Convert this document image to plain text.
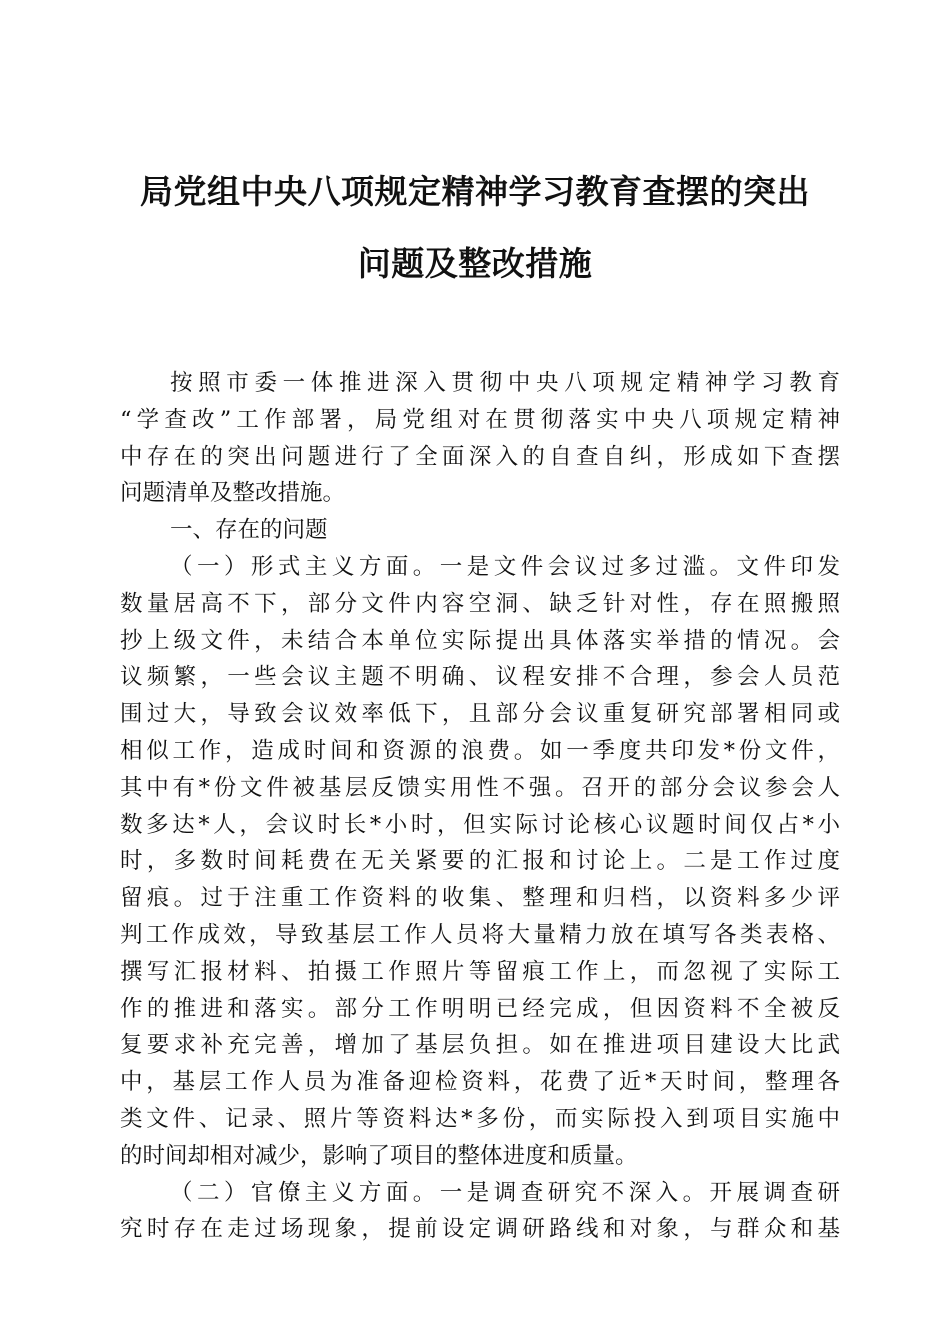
局党组中央八项规定精神学习教育查摆的突出
问题及整改措施
按照市委一体推进深入贯彻中央八项规定精神学习教育
“学查改”工作部署，局党组对在贯彻落实中央八项规定精神
中存在的突出问题进行了全面深入的自查自纠，形成如下查摆
问题清单及整改措施。
一、存在的问题
（一）形式主义方面。一是文件会议过多过滥。文件印发
数量居高不下，部分文件内容空洞、缺乏针对性，存在照搬照
抄上级文件，未结合本单位实际提出具体落实举措的情况。会
议频繁，一些会议主题不明确、议程安排不合理，参会人员范
围过大，导致会议效率低下，且部分会议重复研究部署相同或
相似工作，造成时间和资源的浪费。如一季度共印发*份文件，
其中有*份文件被基层反馈实用性不强。召开的部分会议参会人
数多达*人，会议时长*小时，但实际讨论核心议题时间仅占*小
时，多数时间耗费在无关紧要的汇报和讨论上。二是工作过度
留痕。过于注重工作资料的收集、整理和归档，以资料多少评
判工作成效，导致基层工作人员将大量精力放在填写各类表格、
撰写汇报材料、拍摄工作照片等留痕工作上，而忽视了实际工
作的推进和落实。部分工作明明已经完成，但因资料不全被反
复要求补充完善，增加了基层负担。如在推进项目建设大比武
中，基层工作人员为准备迎检资料，花费了近*天时间，整理各
类文件、记录、照片等资料达*多份，而实际投入到项目实施中
的时间却相对减少，影响了项目的整体进度和质量。
（二）官僚主义方面。一是调查研究不深入。开展调查研
究时存在走过场现象，提前设定调研路线和对象，与群众和基
